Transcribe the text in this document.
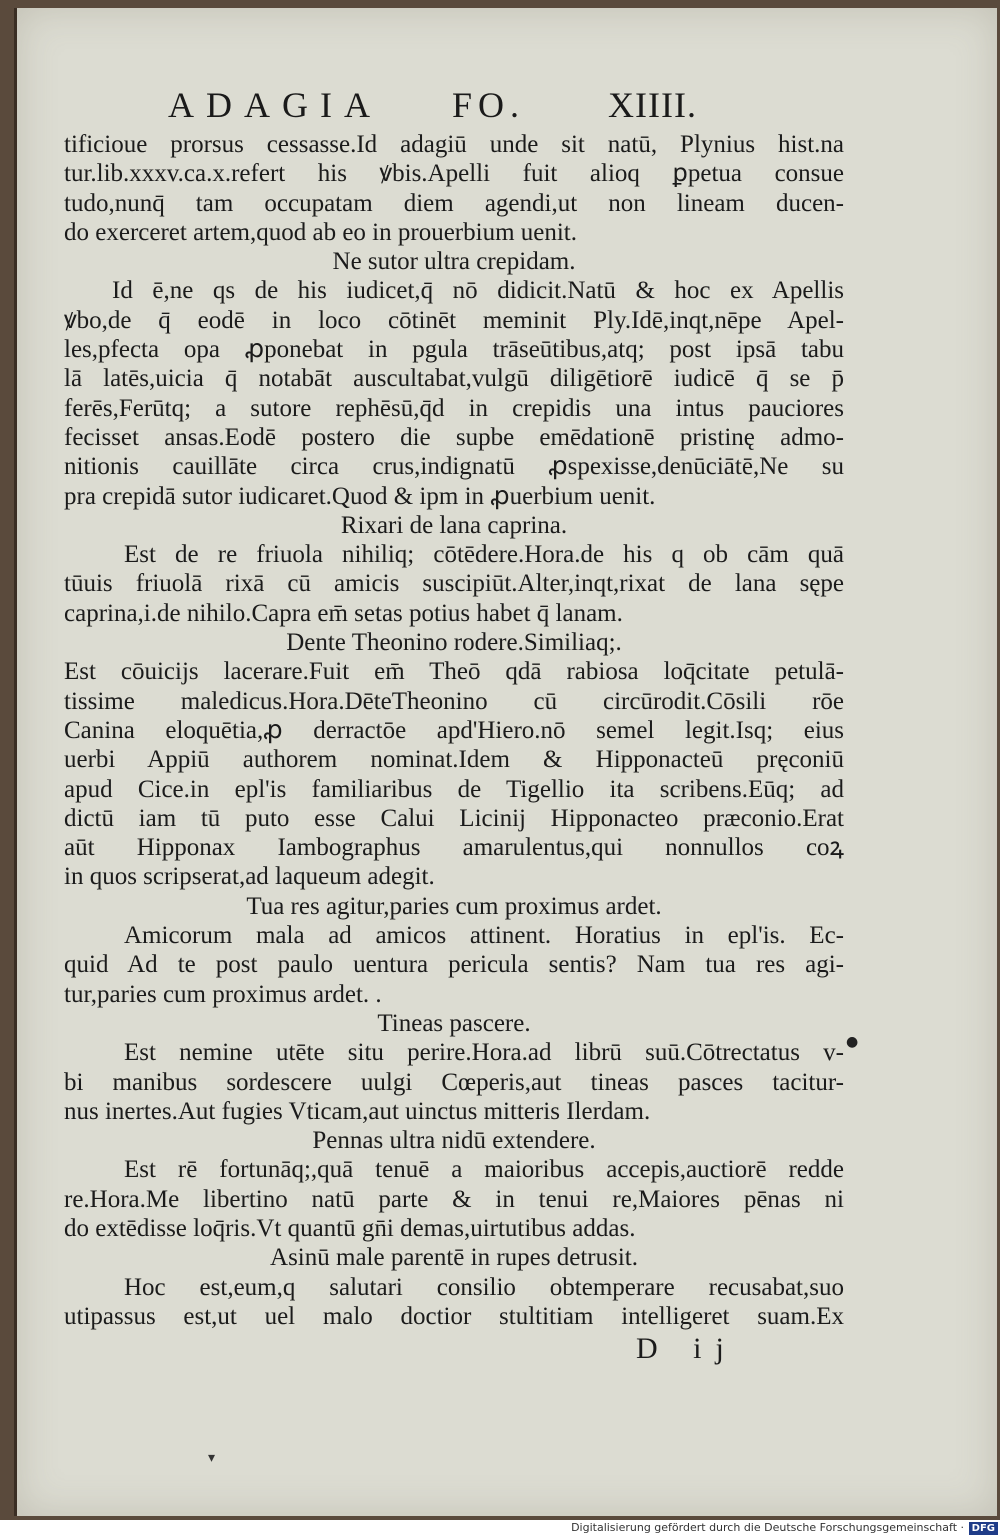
ADAGIA FO. XIIII.
tificioue prorsus cessasse.Id adagiū unde sit natū, Plynius hist.na
tur.lib.xxxv.ca.x.refert his ꝟbis.Apelli fuit alioq ꝑpetua consue
tudo,nunq̄ tam occupatam diem agendi,ut non lineam ducen-
do exerceret artem,quod ab eo in prouerbium uenit.
Ne sutor ultra crepidam.
Id ē,ne qs de his iudicet,q̄ nō didicit.Natū & hoc ex Apellis
ꝟbo,de q̄ eodē in loco cōtinēt meminit Ply.Idē,inqt,nēpe Apel-
les,pfecta opa ꝓponebat in pgula trāseūtibus,atq; post ipsā tabu
lā latēs,uicia q̄ notabāt auscultabat,vulgū diligētiorē iudicē q̄ se p̄
ferēs,Ferūtq; a sutore rephēsū,q̄d in crepidis una intus pauciores
fecisset ansas.Eodē postero die supbe emēdationē pristinę admo-
nitionis cauillāte circa crus,indignatū ꝓspexisse,denūciātē,Ne su
pra crepidā sutor iudicaret.Quod & ipm in ꝓuerbium uenit.
Rixari de lana caprina.
Est de re friuola nihiliq; cōtēdere.Hora.de his q ob cām quā
tūuis friuolā rixā cū amicis suscipiūt.Alter,inqt,rixat de lana sępe
caprina,i.de nihilo.Capra em̄ setas potius habet q̄ lanam.
Dente Theonino rodere.Similiaq;.
Est cōuicijs lacerare.Fuit em̄ Theō qdā rabiosa loq̄citate petulā-
tissime maledicus.Hora.DēteTheonino cū circūrodit.Cōsili rōe
Canina eloquētia,ꝓ derractōe apd'Hiero.nō semel legit.Isq; eius
uerbi Appiū authorem nominat.Idem & Hipponacteū pręconiū
apud Cice.in epl'is familiaribus de Tigellio ita scribens.Eūq; ad
dictū iam tū puto esse Calui Licinij Hipponacteo præconio.Erat
aūt Hipponax Iambographus amarulentus,qui nonnullos coꝝ
in quos scripserat,ad laqueum adegit.
Tua res agitur,paries cum proximus ardet.
Amicorum mala ad amicos attinent. Horatius in epl'is. Ec-
quid Ad te post paulo uentura pericula sentis? Nam tua res agi-
tur,paries cum proximus ardet. .
Tineas pascere.
Est nemine utēte situ perire.Hora.ad librū suū.Cōtrectatus v-
bi manibus sordescere uulgi Cœperis,aut tineas pasces tacitur-
nus inertes.Aut fugies Vticam,aut uinctus mitteris Ilerdam.
Pennas ultra nidū extendere.
Est rē fortunāq;,quā tenuē a maioribus accepis,auctiorē redde
re.Hora.Me libertino natū parte & in tenui re,Maiores pēnas ni
do extēdisse loq̄ris.Vt quantū gn̄i demas,uirtutibus addas.
Asinū male parentē in rupes detrusit.
Hoc est,eum,q salutari consilio obtemperare recusabat,suo
utipassus est,ut uel malo doctior stultitiam intelligeret suam.Ex
D ij
●
▾
Digitalisierung gefördert durch die Deutsche Forschungsgemeinschaft · DFG
